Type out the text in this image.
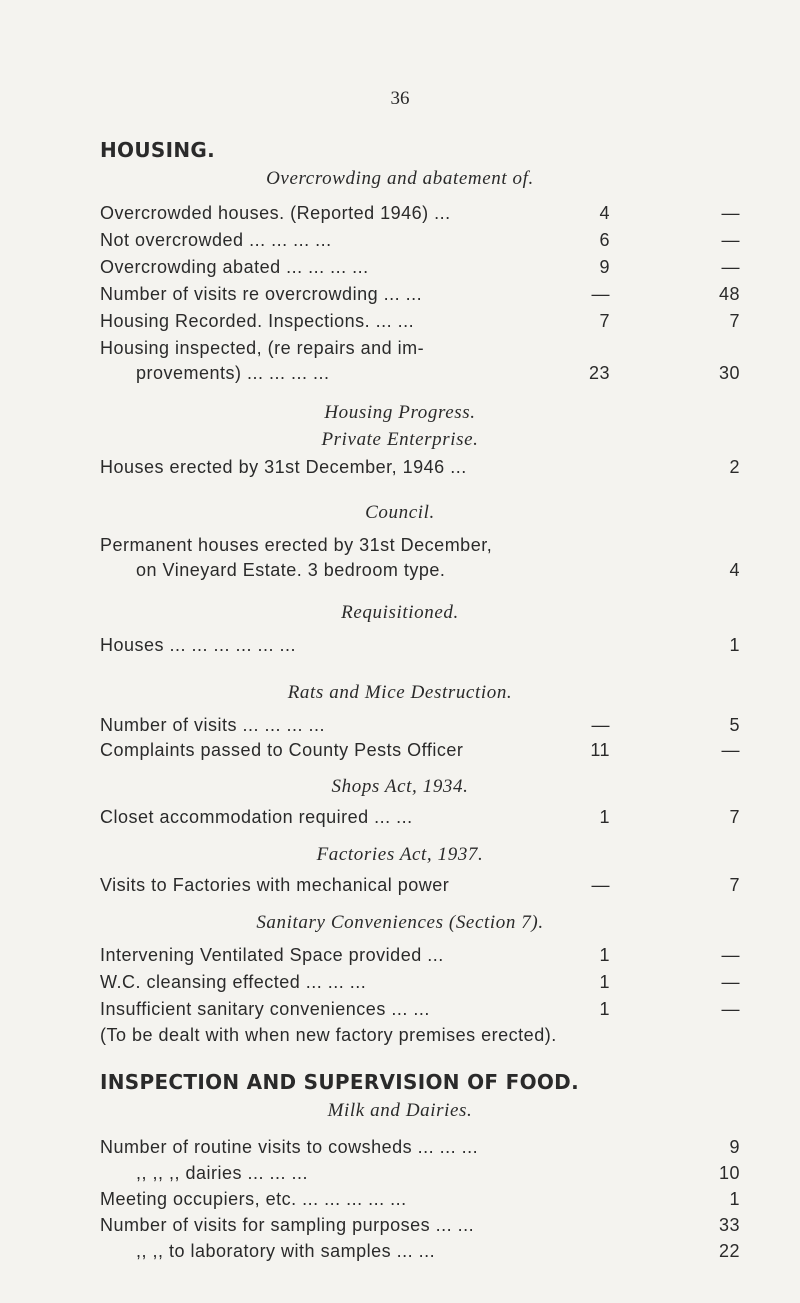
36
HOUSING.
Overcrowding and abatement of.
Overcrowded houses. (Reported 1946) ...	4	—
Not overcrowded ... ... ... ...	6	—
Overcrowding abated ... ... ... ...	9	—
Number of visits re overcrowding ... ...	—	48
Housing Recorded. Inspections. ... ...	7	7
Housing inspected, (re repairs and im-
provements) ... ... ... ...	23	30
Housing Progress.
Private Enterprise.
Houses erected by 31st December, 1946 ...	2
Council.
Permanent houses erected by 31st December,
on Vineyard Estate. 3 bedroom type.	4
Requisitioned.
Houses ... ... ... ... ... ...	1
Rats and Mice Destruction.
Number of visits ... ... ... ...	—	5
Complaints passed to County Pests Officer	11	—
Shops Act, 1934.
Closet accommodation required ... ...	1	7
Factories Act, 1937.
Visits to Factories with mechanical power	—	7
Sanitary Conveniences (Section 7).
Intervening Ventilated Space provided ...	1	—
W.C. cleansing effected ... ... ...	1	—
Insufficient sanitary conveniences ... ...	1	—
(To be dealt with when new factory premises erected).
INSPECTION AND SUPERVISION OF FOOD.
Milk and Dairies.
Number of routine visits to cowsheds ... ... ...	9
,, ,, ,, dairies ... ... ...	10
Meeting occupiers, etc. ... ... ... ... ...	1
Number of visits for sampling purposes ... ...	33
,, ,, to laboratory with samples ... ...	22
